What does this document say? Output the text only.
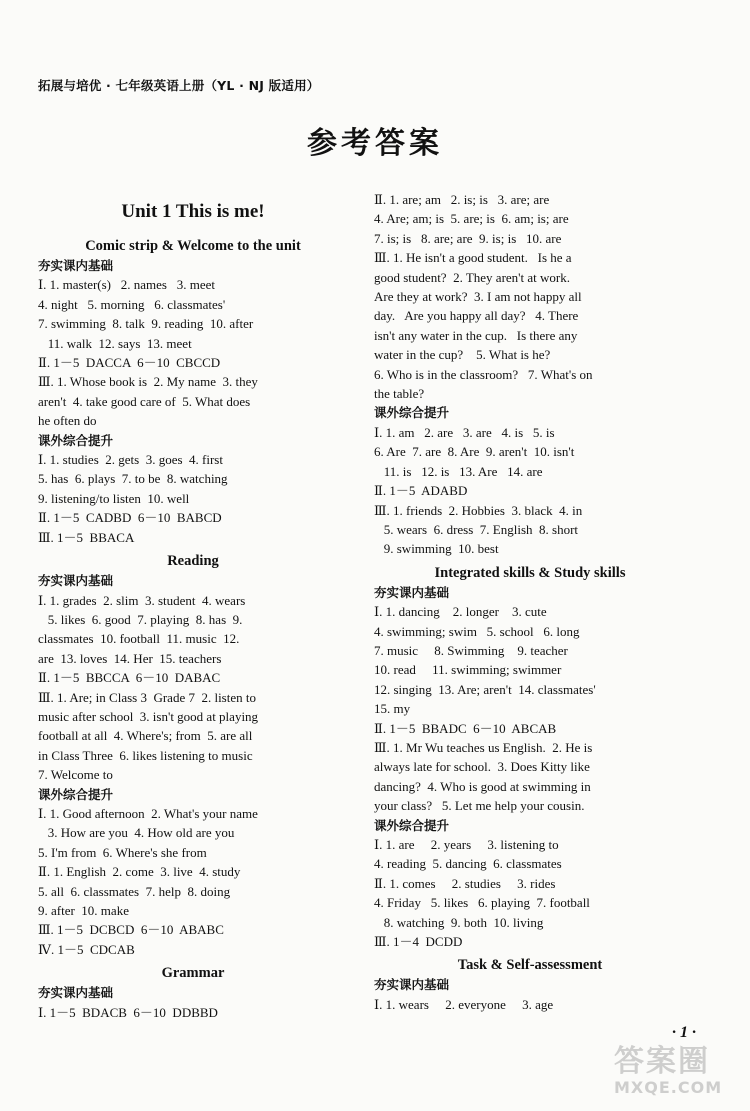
拓展与培优 · 七年级英语上册（YL · NJ 版适用）
参考答案
Unit 1 This is me!
Comic strip & Welcome to the unit
夯实课内基础
Ⅰ. 1. master(s)   2. names   3. meet
4. night   5. morning   6. classmates'
7. swimming  8. talk  9. reading  10. after
11. walk  12. says  13. meet
Ⅱ. 1－5  DACCA  6－10  CBCCD
Ⅲ. 1. Whose book is  2. My name  3. they
aren't  4. take good care of  5. What does
he often do
课外综合提升
Ⅰ. 1. studies  2. gets  3. goes  4. first
5. has  6. plays  7. to be  8. watching
9. listening/to listen  10. well
Ⅱ. 1－5  CADBD  6－10  BABCD
Ⅲ. 1－5  BBACA
Reading
夯实课内基础
Ⅰ. 1. grades  2. slim  3. student  4. wears
5. likes  6. good  7. playing  8. has  9.
classmates  10. football  11. music  12.
are  13. loves  14. Her  15. teachers
Ⅱ. 1－5  BBCCA  6－10  DABAC
Ⅲ. 1. Are; in Class 3  Grade 7  2. listen to
music after school  3. isn't good at playing
football at all  4. Where's; from  5. are all
in Class Three  6. likes listening to music
7. Welcome to
课外综合提升
Ⅰ. 1. Good afternoon  2. What's your name
3. How are you  4. How old are you
5. I'm from  6. Where's she from
Ⅱ. 1. English  2. come  3. live  4. study
5. all  6. classmates  7. help  8. doing
9. after  10. make
Ⅲ. 1－5  DCBCD  6－10  ABABC
Ⅳ. 1－5  CDCAB
Grammar
夯实课内基础
Ⅰ. 1－5  BDACB  6－10  DDBBD
Ⅱ. 1. are; am   2. is; is   3. are; are
4. Are; am; is  5. are; is  6. am; is; are
7. is; is   8. are; are  9. is; is   10. are
Ⅲ. 1. He isn't a good student.   Is he a
good student?  2. They aren't at work.
Are they at work?  3. I am not happy all
day.   Are you happy all day?   4. There
isn't any water in the cup.   Is there any
water in the cup?    5. What is he?
6. Who is in the classroom?   7. What's on
the table?
课外综合提升
Ⅰ. 1. am   2. are   3. are   4. is   5. is
6. Are  7. are  8. Are  9. aren't  10. isn't
11. is   12. is   13. Are   14. are
Ⅱ. 1－5  ADABD
Ⅲ. 1. friends  2. Hobbies  3. black  4. in
5. wears  6. dress  7. English  8. short
9. swimming  10. best
Integrated skills & Study skills
夯实课内基础
Ⅰ. 1. dancing    2. longer    3. cute
4. swimming; swim   5. school   6. long
7. music     8. Swimming    9. teacher
10. read     11. swimming; swimmer
12. singing  13. Are; aren't  14. classmates'
15. my
Ⅱ. 1－5  BBADC  6－10  ABCAB
Ⅲ. 1. Mr Wu teaches us English.  2. He is
always late for school.  3. Does Kitty like
dancing?  4. Who is good at swimming in
your class?   5. Let me help your cousin.
课外综合提升
Ⅰ. 1. are     2. years     3. listening to
4. reading  5. dancing  6. classmates
Ⅱ. 1. comes     2. studies     3. rides
4. Friday   5. likes   6. playing  7. football
8. watching  9. both  10. living
Ⅲ. 1－4  DCDD
Task & Self-assessment
夯实课内基础
Ⅰ. 1. wears     2. everyone     3. age
· 1 ·
答案圈
MXQE.COM
